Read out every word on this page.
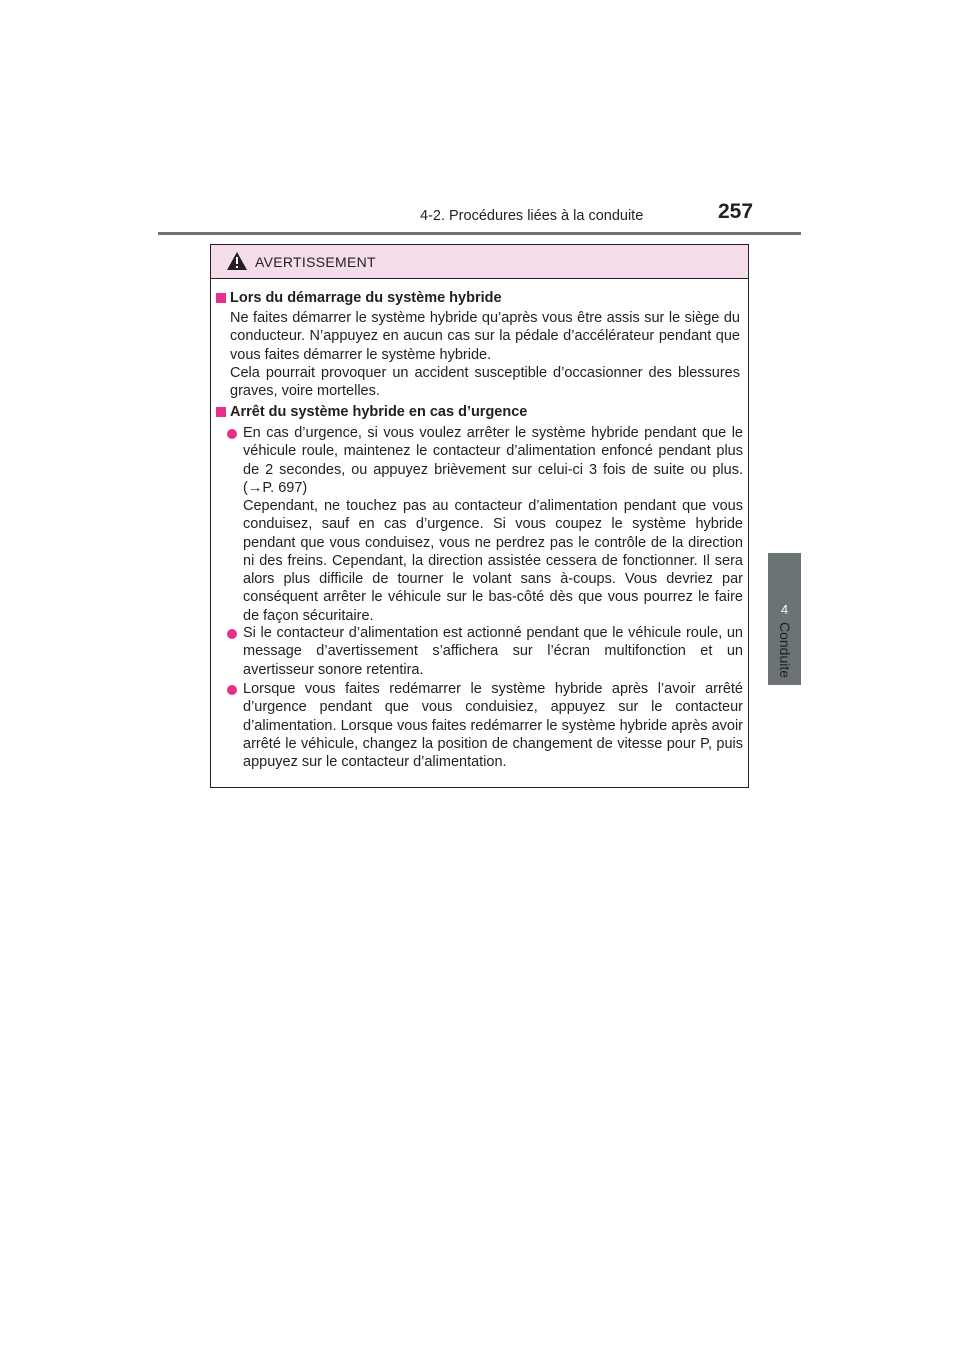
4-2. Procédures liées à la conduite	257
4
Conduite
AVERTISSEMENT
Lors du démarrage du système hybride
Ne faites démarrer le système hybride qu’après vous être assis sur le siège du conducteur. N’appuyez en aucun cas sur la pédale d’accélérateur pendant que vous faites démarrer le système hybride.
Cela pourrait provoquer un accident susceptible d’occasionner des blessures graves, voire mortelles.
Arrêt du système hybride en cas d’urgence
En cas d’urgence, si vous voulez arrêter le système hybride pendant que le véhicule roule, maintenez le contacteur d’alimentation enfoncé pendant plus de 2 secondes, ou appuyez brièvement sur celui-ci 3 fois de suite ou plus. (→P. 697)
Cependant, ne touchez pas au contacteur d’alimentation pendant que vous conduisez, sauf en cas d’urgence. Si vous coupez le système hybride pendant que vous conduisez, vous ne perdrez pas le contrôle de la direction ni des freins. Cependant, la direction assistée cessera de fonctionner. Il sera alors plus difficile de tourner le volant sans à-coups. Vous devriez par conséquent arrêter le véhicule sur le bas-côté dès que vous pourrez le faire de façon sécuritaire.
Si le contacteur d’alimentation est actionné pendant que le véhicule roule, un message d’avertissement s’affichera sur l’écran multifonction et un avertisseur sonore retentira.
Lorsque vous faites redémarrer le système hybride après l’avoir arrêté d’urgence pendant que vous conduisiez, appuyez sur le contacteur d’alimentation. Lorsque vous faites redémarrer le système hybride après avoir arrêté le véhicule, changez la position de changement de vitesse pour P, puis appuyez sur le contacteur d’alimentation.
